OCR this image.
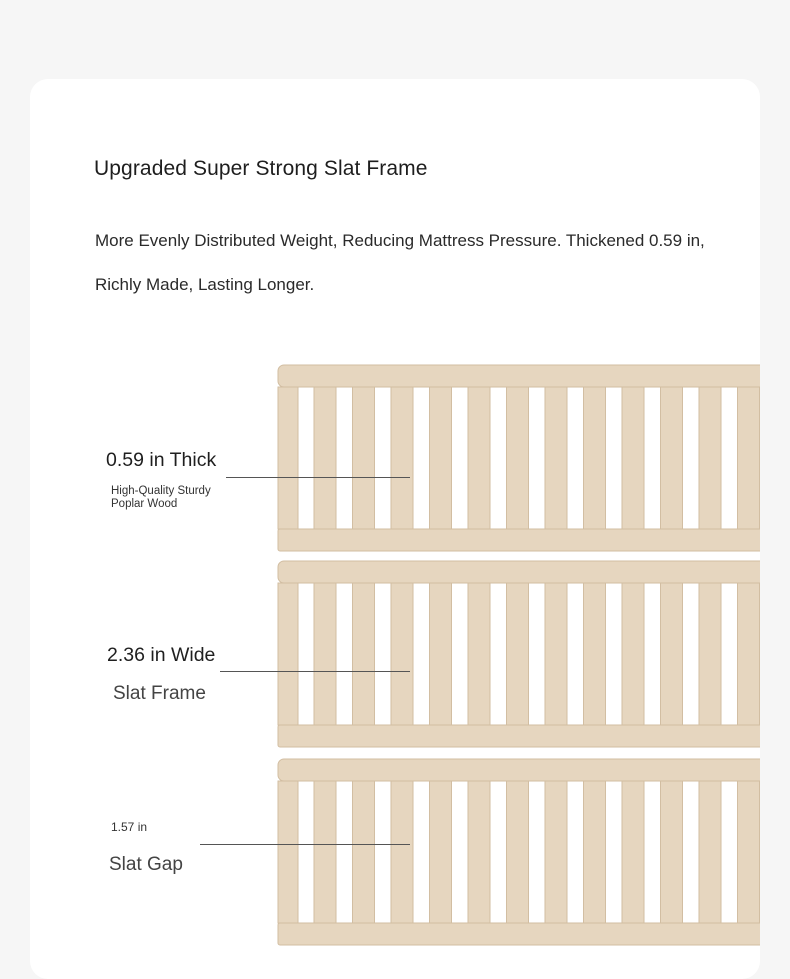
Upgraded Super Strong Slat Frame
More Evenly Distributed Weight, Reducing Mattress Pressure. Thickened 0.59 in, Richly Made, Lasting Longer.
0.59 in Thick
High-Quality Sturdy Poplar Wood
2.36 in Wide
Slat Frame
1.57 in
Slat Gap
